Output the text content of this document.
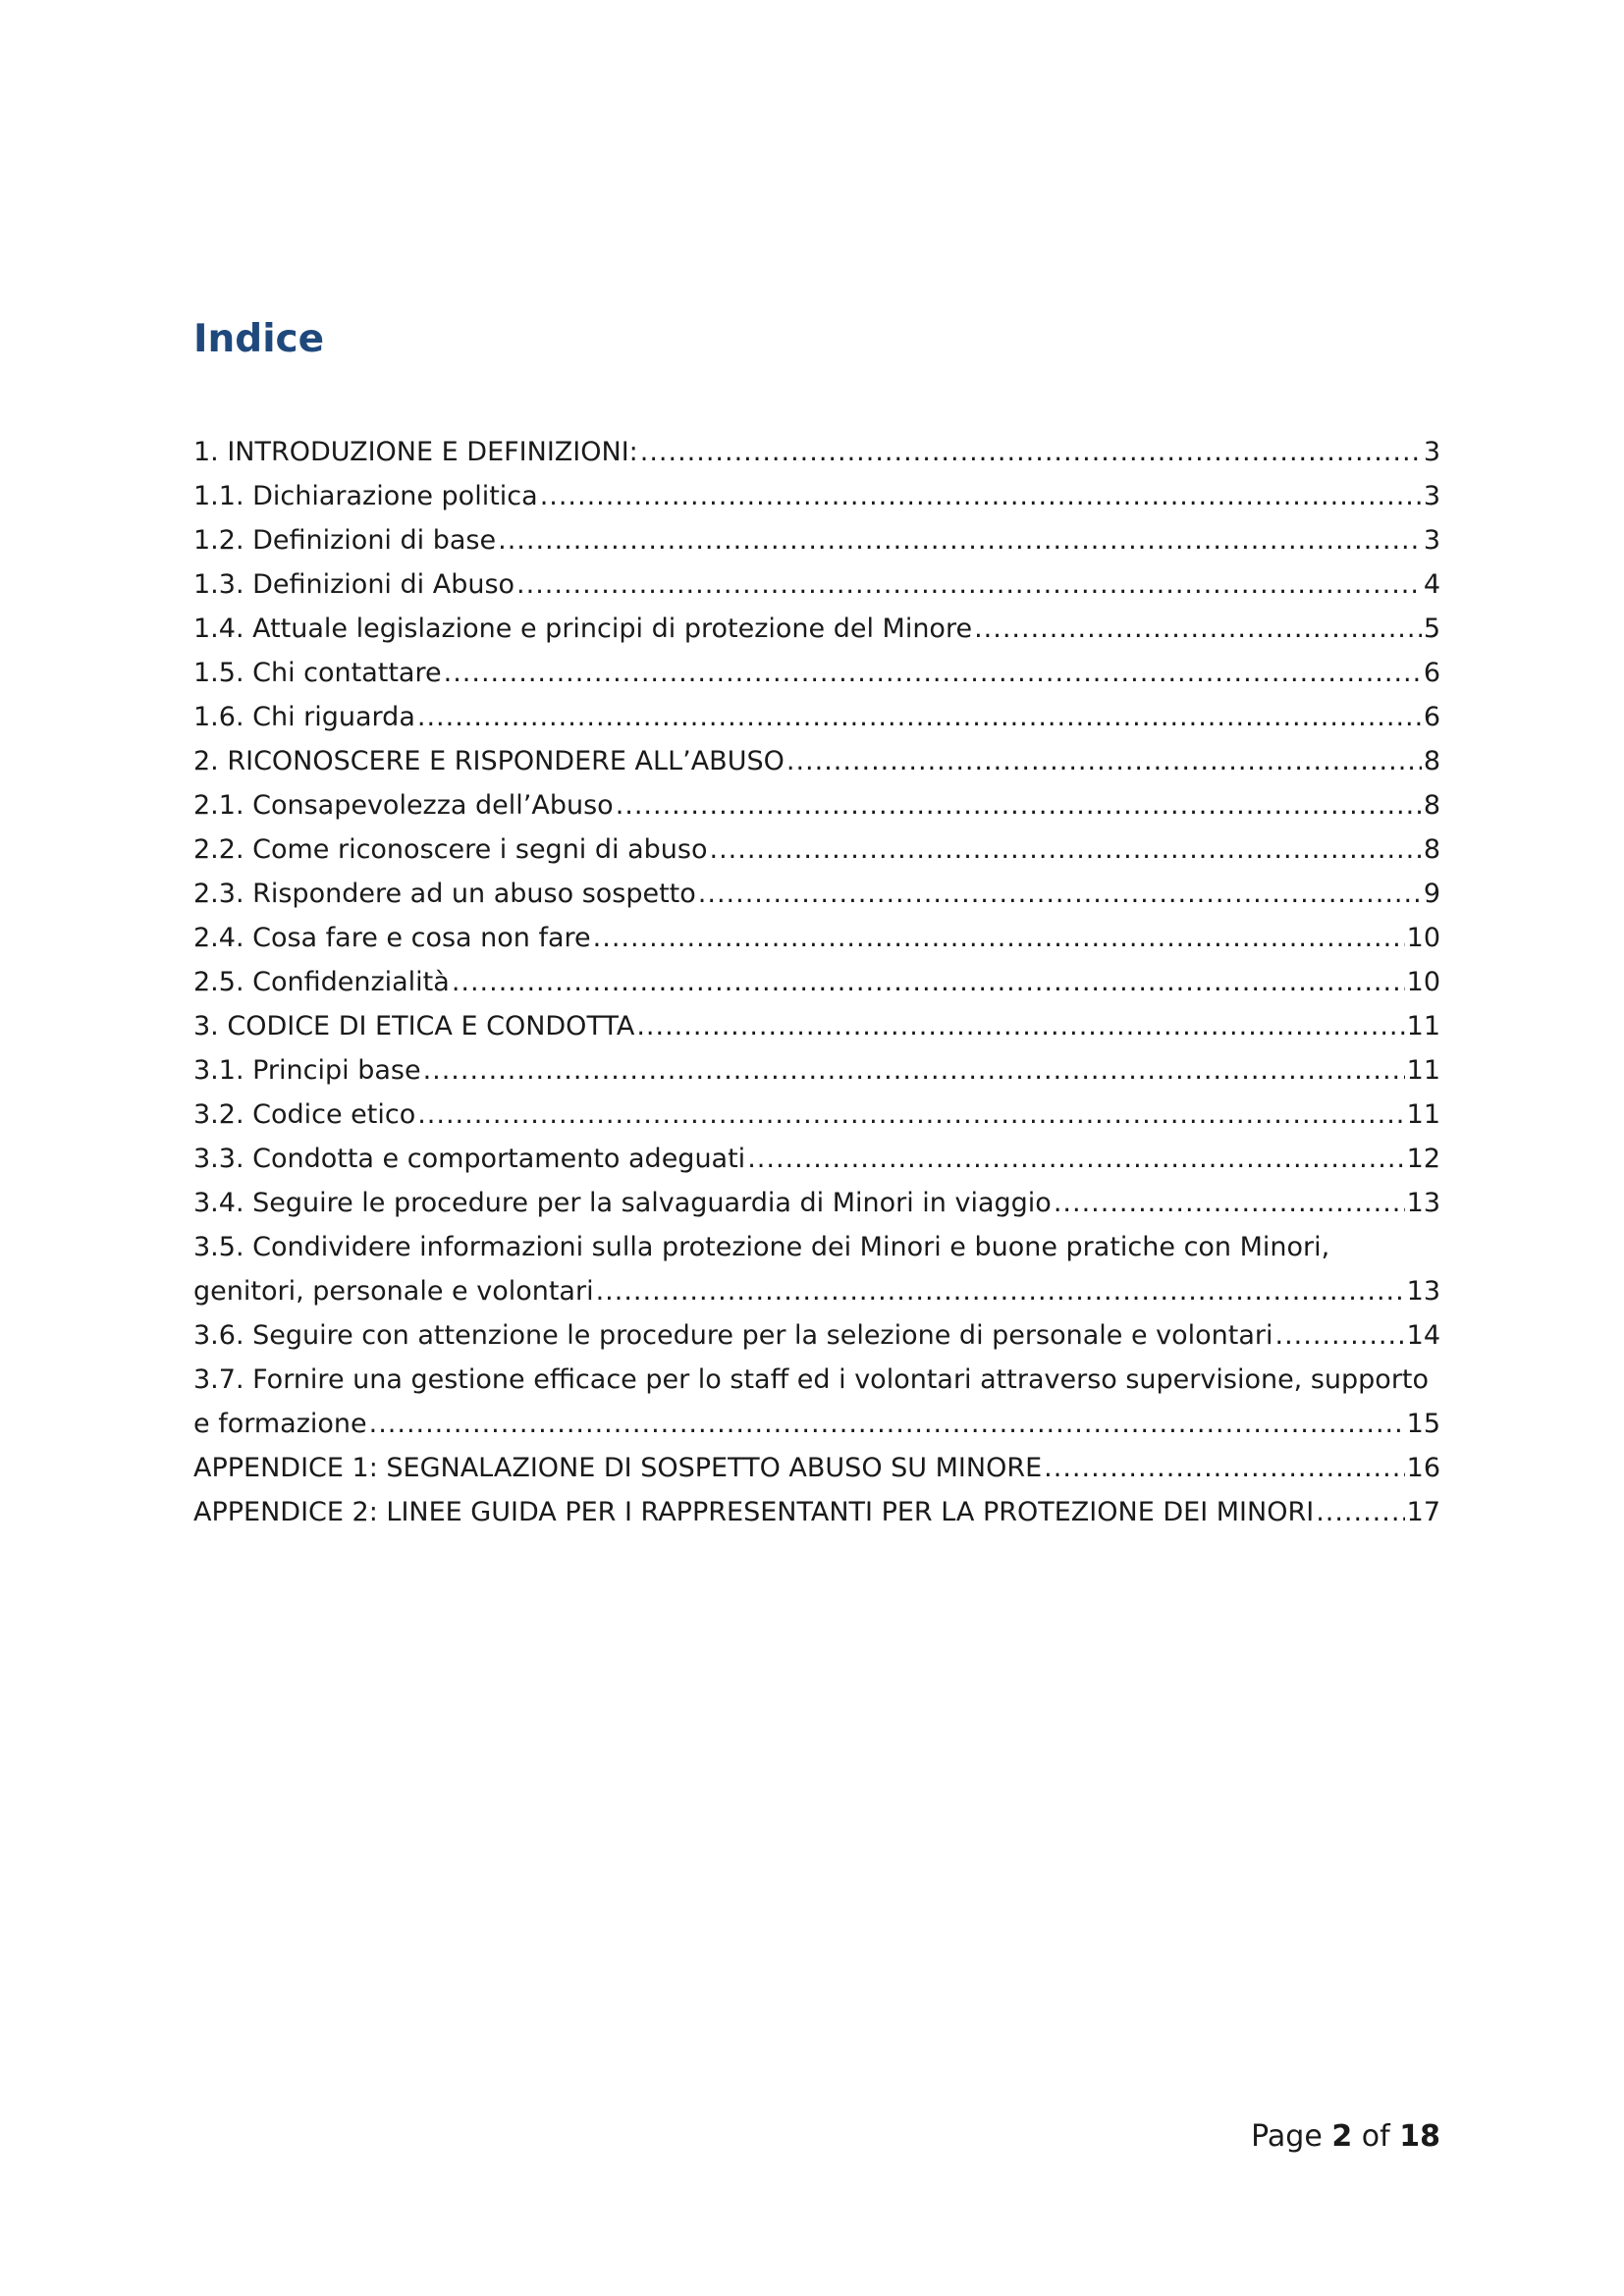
Indice
1. INTRODUZIONE E DEFINIZIONI: .....	3
1.1. Dichiarazione politica .....	3
1.2. Definizioni di base .....	3
1.3. Definizioni di Abuso .....	4
1.4. Attuale legislazione e principi di protezione del Minore .....	5
1.5. Chi contattare .....	6
1.6. Chi riguarda .....	6
2. RICONOSCERE E RISPONDERE ALL’ABUSO .....	8
2.1. Consapevolezza dell’Abuso .....	8
2.2. Come riconoscere i segni di abuso .....	8
2.3. Rispondere ad un abuso sospetto .....	9
2.4. Cosa fare e cosa non fare .....	10
2.5. Confidenzialità .....	10
3. CODICE DI ETICA E CONDOTTA .....	11
3.1. Principi base .....	11
3.2. Codice etico .....	11
3.3. Condotta e comportamento adeguati .....	12
3.4. Seguire le procedure per la salvaguardia di Minori in viaggio .....	13
3.5. Condividere informazioni sulla protezione dei Minori e buone pratiche con Minori,
genitori, personale e volontari .....	13
3.6. Seguire con attenzione le procedure per la selezione di personale e volontari .....	14
3.7. Fornire una gestione efficace per lo staff ed i volontari attraverso supervisione, supporto
e formazione .....	15
APPENDICE 1: SEGNALAZIONE DI SOSPETTO ABUSO SU MINORE .....	16
APPENDICE 2: LINEE GUIDA PER I RAPPRESENTANTI PER LA PROTEZIONE DEI MINORI .....	17
Page 2 of 18
